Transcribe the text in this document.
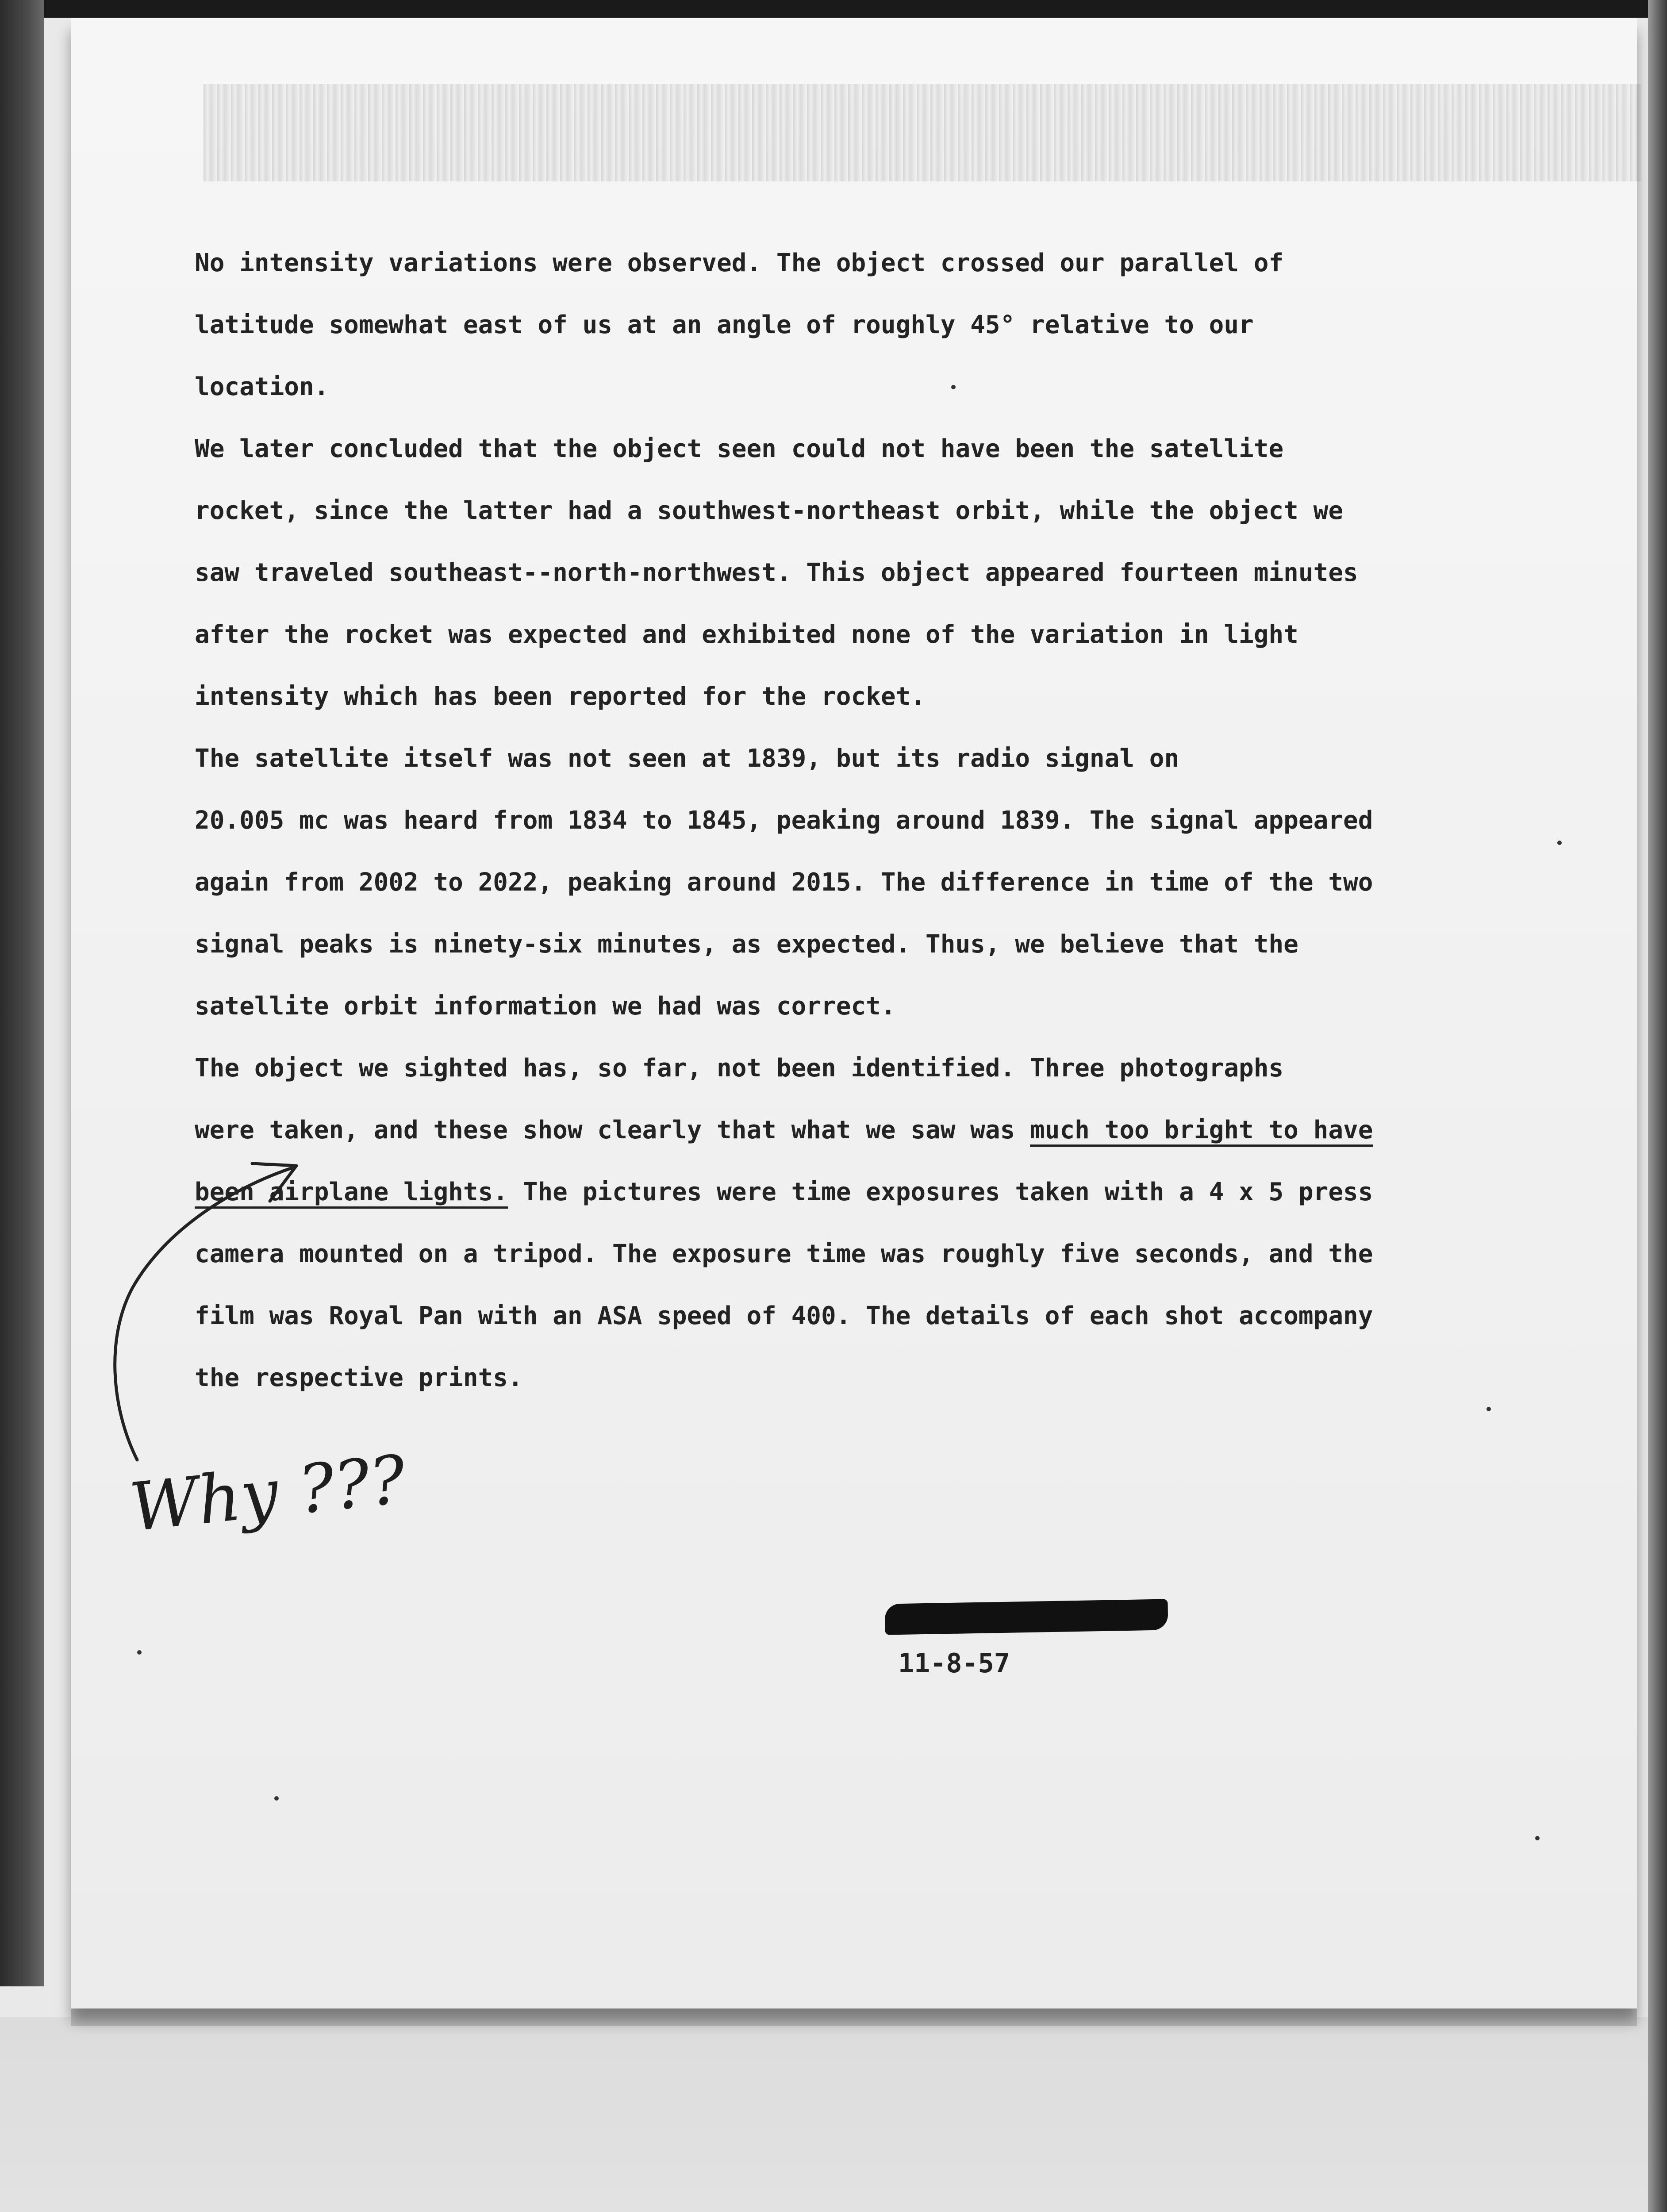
No intensity variations were observed. The object crossed our parallel of

latitude somewhat east of us at an angle of roughly 45° relative to our

location.

We later concluded that the object seen could not have been the satellite

rocket, since the latter had a southwest-northeast orbit, while the object we

saw traveled southeast--north-northwest. This object appeared fourteen minutes

after the rocket was expected and exhibited none of the variation in light

intensity which has been reported for the rocket.

The satellite itself was not seen at 1839, but its radio signal on

20.005 mc was heard from 1834 to 1845, peaking around 1839. The signal appeared

again from 2002 to 2022, peaking around 2015. The difference in time of the two

signal peaks is ninety-six minutes, as expected. Thus, we believe that the

satellite orbit information we had was correct.

The object we sighted has, so far, not been identified. Three photographs

were taken, and these show clearly that what we saw was much too bright to have

been airplane lights. The pictures were time exposures taken with a 4 x 5 press

camera mounted on a tripod. The exposure time was roughly five seconds, and the

film was Royal Pan with an ASA speed of 400. The details of each shot accompany

the respective prints.

Why ???
11-8-57
